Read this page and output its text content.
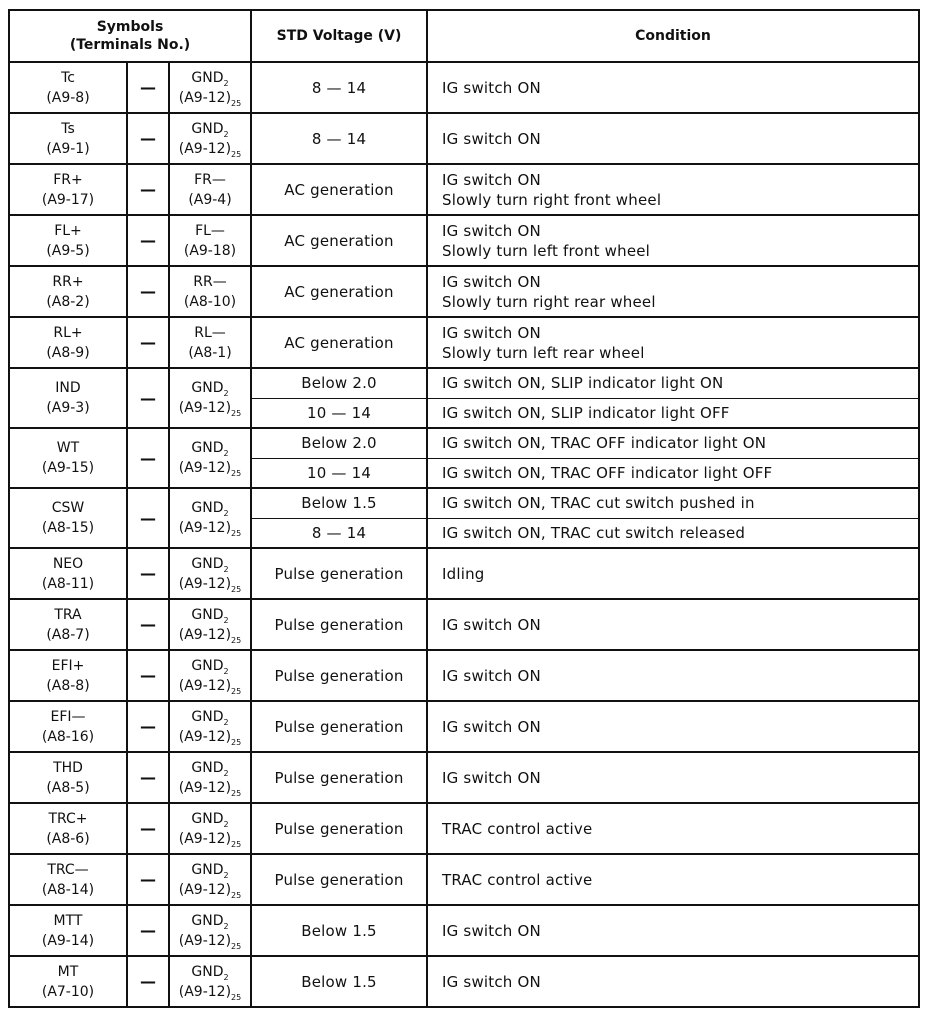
Symbols
(Terminals No.)			STD Voltage (V)	Condition

Tc
(A9-8)	—	$GND_2$
$(A9-12)_{25}$	8 — 14	IG switch ON

Ts
(A9-1)	—	$GND_2$
$(A9-12)_{25}$	8 — 14	IG switch ON

FR+
(A9-17)	—	FR—
(A9-4)	AC generation	IG switch ON
Slowly turn right front wheel

FL+
(A9-5)	—	FL—
(A9-18)	AC generation	IG switch ON
Slowly turn left front wheel

RR+
(A8-2)	—	RR—
(A8-10)	AC generation	IG switch ON
Slowly turn right rear wheel

RL+
(A8-9)	—	RL—
(A8-1)	AC generation	IG switch ON
Slowly turn left rear wheel

IND
(A9-3)	—	$GND_2$
$(A9-12)_{25}$	Below 2.0	IG switch ON, SLIP indicator light ON

			10 — 14	IG switch ON, SLIP indicator light OFF

WT
(A9-15)	—	$GND_2$
$(A9-12)_{25}$	Below 2.0	IG switch ON, TRAC OFF indicator light ON

			10 — 14	IG switch ON, TRAC OFF indicator light OFF

CSW
(A8-15)	—	$GND_2$
$(A9-12)_{25}$	Below 1.5	IG switch ON, TRAC cut switch pushed in

			8 — 14	IG switch ON, TRAC cut switch released

NEO
(A8-11)	—	$GND_2$
$(A9-12)_{25}$	Pulse generation	Idling

TRA
(A8-7)	—	$GND_2$
$(A9-12)_{25}$	Pulse generation	IG switch ON

EFI+
(A8-8)	—	$GND_2$
$(A9-12)_{25}$	Pulse generation	IG switch ON

EFI—
(A8-16)	—	$GND_2$
$(A9-12)_{25}$	Pulse generation	IG switch ON

THD
(A8-5)	—	$GND_2$
$(A9-12)_{25}$	Pulse generation	IG switch ON

TRC+
(A8-6)	—	$GND_2$
$(A9-12)_{25}$	Pulse generation	TRAC control active

TRC—
(A8-14)	—	$GND_2$
$(A9-12)_{25}$	Pulse generation	TRAC control active

MTT
(A9-14)	—	$GND_2$
$(A9-12)_{25}$	Below 1.5	IG switch ON

MT
(A7-10)	—	$GND_2$
$(A9-12)_{25}$	Below 1.5	IG switch ON
